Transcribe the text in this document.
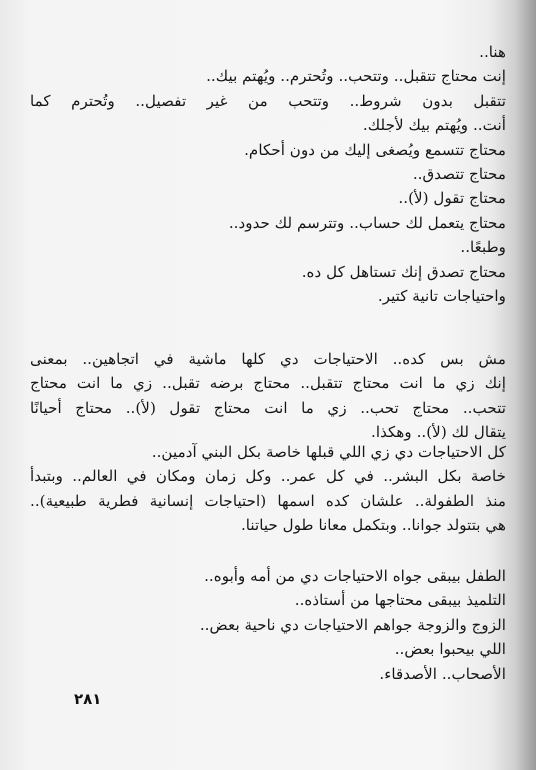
هنا..
إنت محتاج تتقبل.. وتتحب.. وتُحترم.. ويُهتم بيك..
تتقبل بدون شروط.. وتتحب من غير تفصيل.. وتُحترم كما
أنت.. ويُهتم بيك لأجلك.
محتاج تتسمع ويُصغى إليك من دون أحكام.
محتاج تتصدق..
محتاج تقول (لأ)..
محتاج يتعمل لك حساب.. وتترسم لك حدود..
وطبعًا..
محتاج تصدق إنك تستاهل كل ده.
واحتياجات تانية كتير.
مش بس كده.. الاحتياجات دي كلها ماشية في اتجاهين.. بمعنى
إنك زي ما انت محتاج تتقبل.. محتاج برضه تقبل.. زي ما انت محتاج
تتحب.. محتاج تحب.. زي ما انت محتاج تقول (لأ).. محتاج أحيانًا
يتقال لك (لأ).. وهكذا.
كل الاحتياجات دي زي اللي قبلها خاصة بكل البني آدمين..
خاصة بكل البشر.. في كل عمر.. وكل زمان ومكان في العالم.. وبتبدأ
منذ الطفولة.. علشان كده اسمها (احتياجات إنسانية فطرية طبيعية)..
هي بتتولد جوانا.. وبتكمل معانا طول حياتنا.
الطفل بيبقى جواه الاحتياجات دي من أمه وأبوه..
التلميذ بيبقى محتاجها من أستاذه..
الزوج والزوجة جواهم الاحتياجات دي ناحية بعض..
اللي بيحبوا بعض..
الأصحاب.. الأصدقاء.
٢٨١
